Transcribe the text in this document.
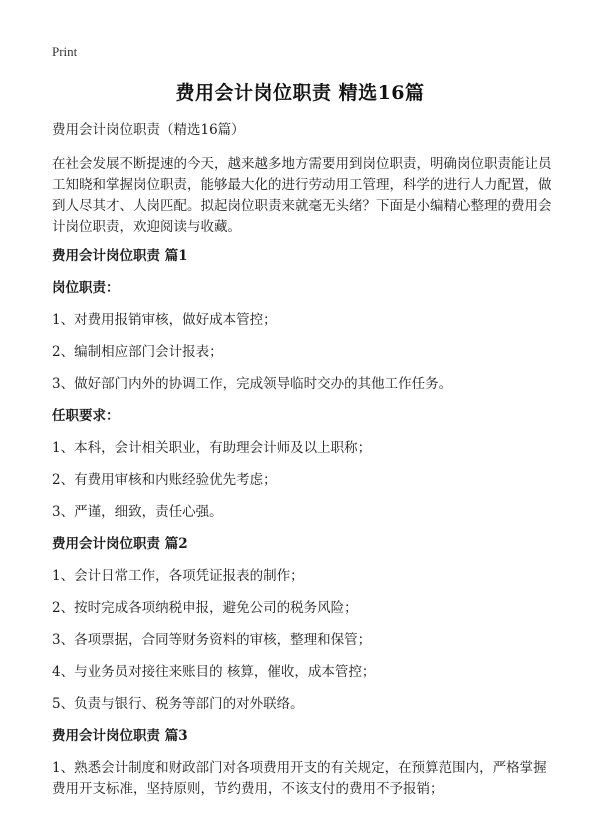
Print
费用会计岗位职责 精选16篇

费用会计岗位职责（精选16篇）

在社会发展不断提速的今天，越来越多地方需要用到岗位职责，明确岗位职责能让员工知晓和掌握岗位职责，能够最大化的进行劳动用工管理，科学的进行人力配置，做到人尽其才、人岗匹配。拟起岗位职责来就毫无头绪？下面是小编精心整理的费用会计岗位职责，欢迎阅读与收藏。

费用会计岗位职责 篇1

岗位职责：

1、对费用报销审核，做好成本管控；

2、编制相应部门会计报表；

3、做好部门内外的协调工作，完成领导临时交办的其他工作任务。

任职要求：

1、本科，会计相关职业，有助理会计师及以上职称；

2、有费用审核和内账经验优先考虑；

3、严谨，细致，责任心强。

费用会计岗位职责 篇2

1、会计日常工作，各项凭证报表的制作；

2、按时完成各项纳税申报，避免公司的税务风险；

3、各项票据，合同等财务资料的审核，整理和保管；

4、与业务员对接往来账目的 核算，催收，成本管控；

5、负责与银行、税务等部门的对外联络。

费用会计岗位职责 篇3

1、熟悉会计制度和财政部门对各项费用开支的有关规定，在预算范围内，严格掌握费用开支标准，坚持原则，节约费用，不该支付的费用不予报销；
